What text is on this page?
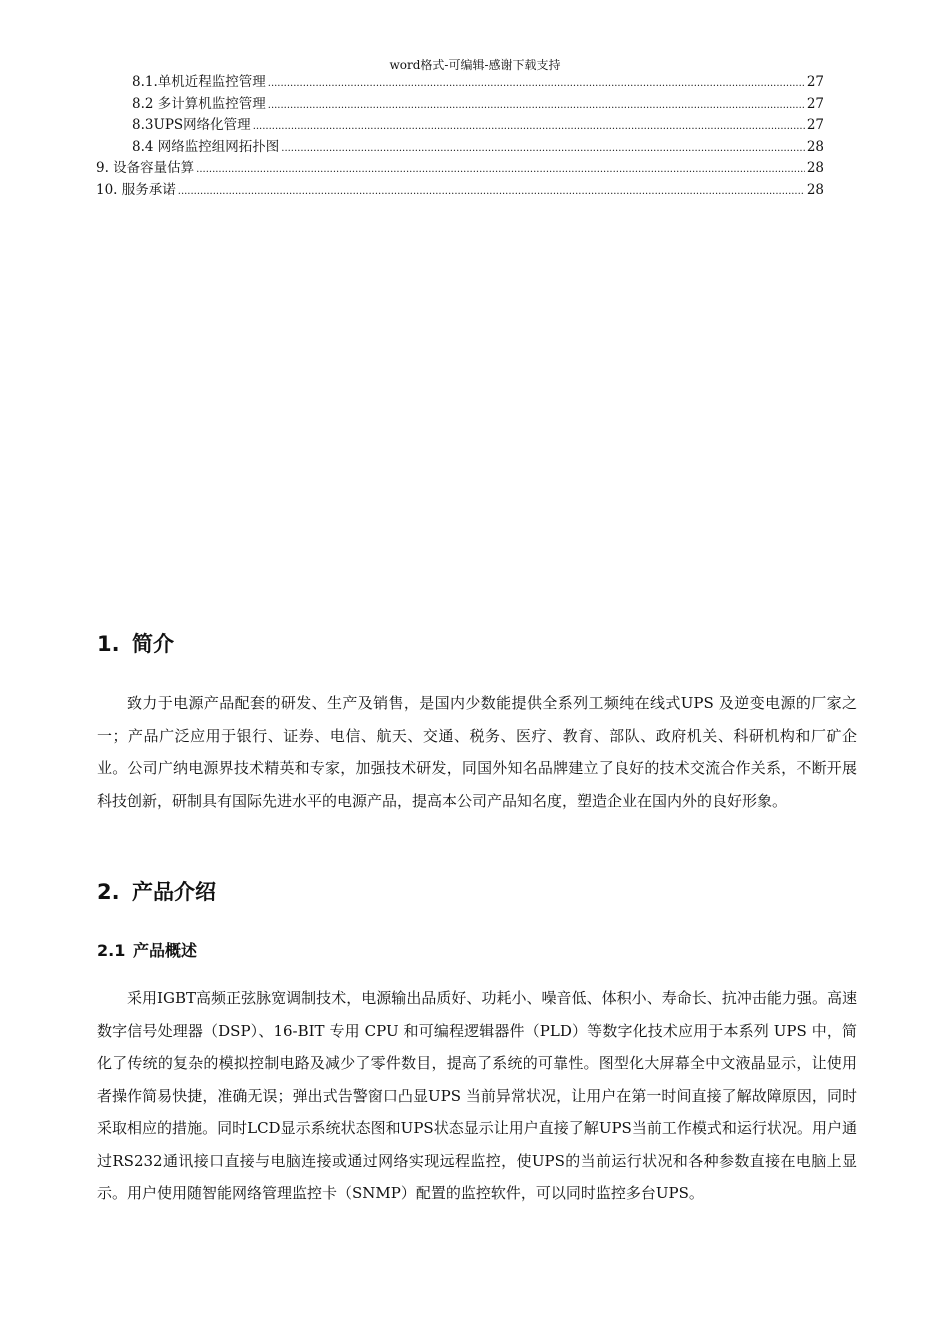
word格式-可编辑-感谢下载支持
8.1.单机近程监控管理 .....	27
8.2 多计算机监控管理 .....	27
8.3UPS网络化管理 .....	27
8.4 网络监控组网拓扑图 .....	28
9. 设备容量估算 .....	28
10. 服务承诺 .....	28
1. 简介
致力于电源产品配套的研发、生产及销售，是国内少数能提供全系列工频纯在线式UPS 及逆变电源的厂家之一；产品广泛应用于银行、证券、电信、航天、交通、税务、医疗、教育、部队、政府机关、科研机构和厂矿企业。公司广纳电源界技术精英和专家，加强技术研发，同国外知名品牌建立了良好的技术交流合作关系，不断开展科技创新，研制具有国际先进水平的电源产品，提高本公司产品知名度，塑造企业在国内外的良好形象。
2. 产品介绍
2.1 产品概述
采用IGBT高频正弦脉宽调制技术，电源输出品质好、功耗小、噪音低、体积小、寿命长、抗冲击能力强。高速数字信号处理器（DSP）、16-BIT 专用 CPU 和可编程逻辑器件（PLD）等数字化技术应用于本系列 UPS 中，简化了传统的复杂的模拟控制电路及减少了零件数目，提高了系统的可靠性。图型化大屏幕全中文液晶显示，让使用者操作简易快捷，准确无误；弹出式告警窗口凸显UPS 当前异常状况，让用户在第一时间直接了解故障原因，同时采取相应的措施。同时LCD显示系统状态图和UPS状态显示让用户直接了解UPS当前工作模式和运行状况。用户通过RS232通讯接口直接与电脑连接或通过网络实现远程监控，使UPS的当前运行状况和各种参数直接在电脑上显示。用户使用随智能网络管理监控卡（SNMP）配置的监控软件，可以同时监控多台UPS。
